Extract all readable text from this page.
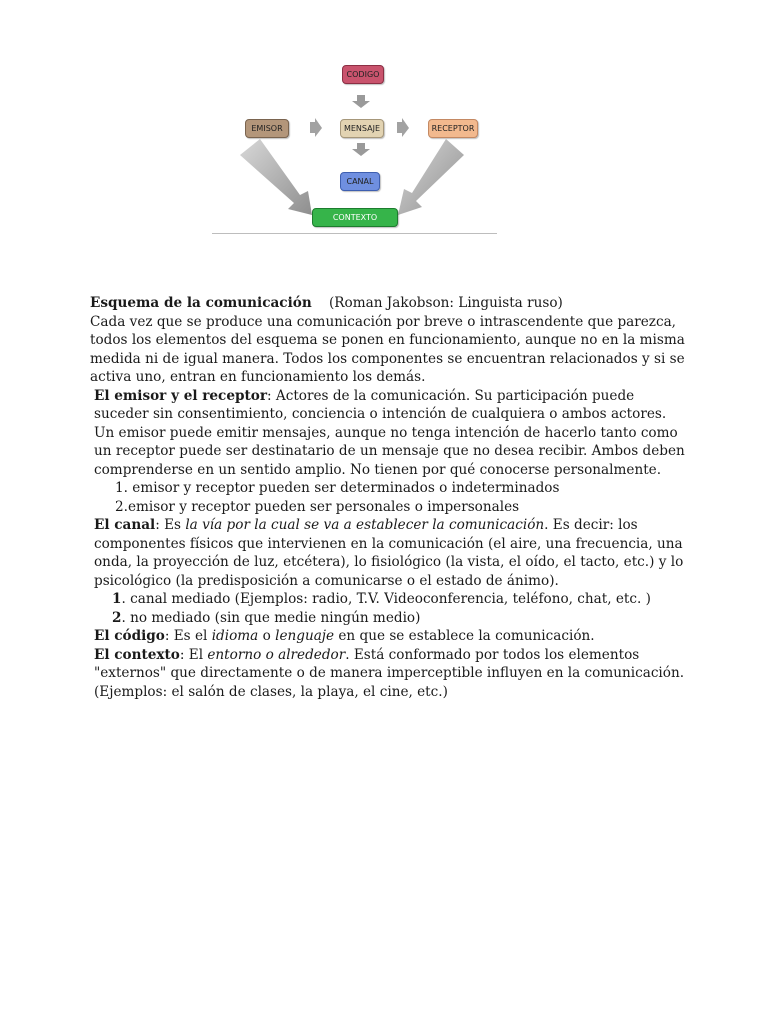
CODIGO
EMISOR	MENSAJE	RECEPTOR
CANAL
CONTEXTO

Esquema de la comunicación (Roman Jakobson: Linguista ruso)

Cada vez que se produce una comunicación por breve o intrascendente que parezca, todos los elementos del esquema se ponen en funcionamiento, aunque no en la misma medida ni de igual manera. Todos los componentes se encuentran relacionados y si se activa uno, entran en funcionamiento los demás.

El emisor y el receptor: Actores de la comunicación. Su participación puede suceder sin consentimiento, conciencia o intención de cualquiera o ambos actores. Un emisor puede emitir mensajes, aunque no tenga intención de hacerlo tanto como un receptor puede ser destinatario de un mensaje que no desea recibir. Ambos deben comprenderse en un sentido amplio. No tienen por qué conocerse personalmente.

1. emisor y receptor pueden ser determinados o indeterminados

2.emisor y receptor pueden ser personales o impersonales

El canal: Es la vía por la cual se va a establecer la comunicación. Es decir: los componentes físicos que intervienen en la comunicación (el aire, una frecuencia, una onda, la proyección de luz, etcétera), lo fisiológico (la vista, el oído, el tacto, etc.) y lo psicológico (la predisposición a comunicarse o el estado de ánimo).

1. canal mediado (Ejemplos: radio, T.V. Videoconferencia, teléfono, chat, etc. )

2. no mediado (sin que medie ningún medio)

El código: Es el idioma o lenguaje en que se establece la comunicación.

El contexto: El entorno o alrededor. Está conformado por todos los elementos "externos" que directamente o de manera imperceptible influyen en la comunicación. (Ejemplos: el salón de clases, la playa, el cine, etc.)
